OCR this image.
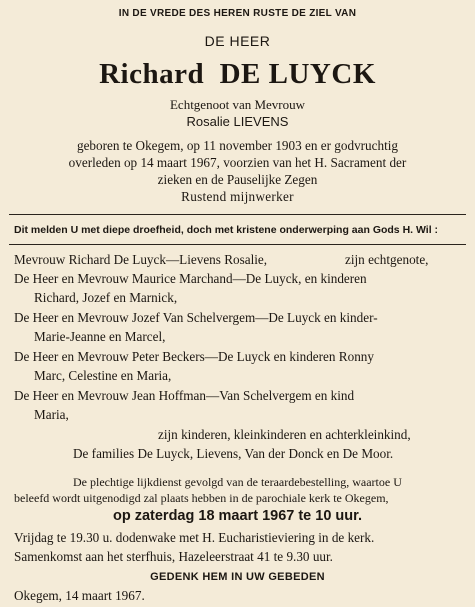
IN DE VREDE DES HEREN RUSTE DE ZIEL VAN

DE HEER

Richard DE LUYCK

Echtgenoot van Mevrouw

Rosalie LIEVENS

geboren te Okegem, op 11 november 1903 en er godvruchtig

overleden op 14 maart 1967, voorzien van het H. Sacrament der

zieken en de Pauselijke Zegen

Rustend mijnwerker

Dit melden U met diepe droefheid, doch met kristene onderwerping aan Gods H. Wil :

Mevrouw Richard De Luyck—Lievens Rosalie,	zijn echtgenote,

De Heer en Mevrouw Maurice Marchand—De Luyck, en kinderen

Richard, Jozef en Marnick,

De Heer en Mevrouw Jozef Van Schelvergem—De Luyck en kinder-

Marie-Jeanne en Marcel,

De Heer en Mevrouw Peter Beckers—De Luyck en kinderen Ronny

Marc, Celestine en Maria,

De Heer en Mevrouw Jean Hoffman—Van Schelvergem en kind

Maria,

zijn kinderen, kleinkinderen en achterkleinkind,

De families De Luyck, Lievens, Van der Donck en De Moor.

De plechtige lijkdienst gevolgd van de teraardebestelling, waartoe U

beleefd wordt uitgenodigd zal plaats hebben in de parochiale kerk te Okegem,

op zaterdag 18 maart 1967 te 10 uur.

Vrijdag te 19.30 u. dodenwake met H. Eucharistieviering in de kerk.

Samenkomst aan het sterfhuis, Hazeleerstraat 41 te 9.30 uur.

GEDENK HEM IN UW GEBEDEN

Okegem, 14 maart 1967.
